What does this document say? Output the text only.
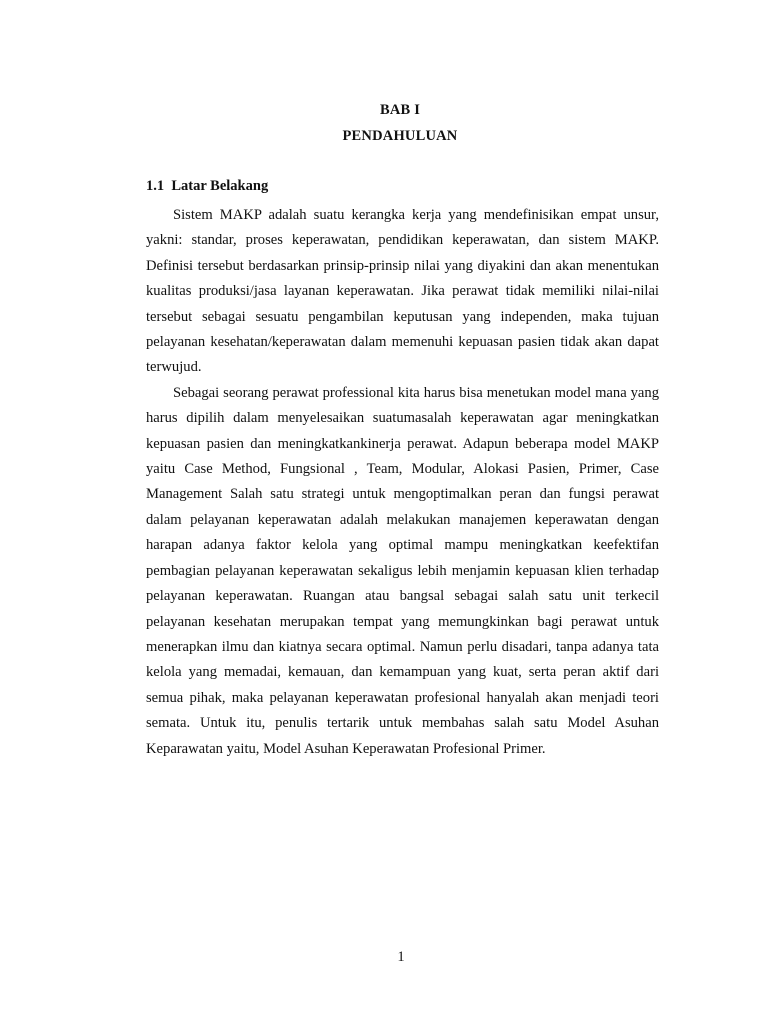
BAB I
PENDAHULUAN
1.1  Latar Belakang

Sistem MAKP adalah suatu kerangka kerja yang mendefinisikan empat unsur, yakni: standar, proses keperawatan, pendidikan keperawatan, dan sistem MAKP. Definisi tersebut berdasarkan prinsip-prinsip nilai yang diyakini dan akan menentukan kualitas produksi/jasa layanan keperawatan. Jika perawat tidak memiliki nilai-nilai tersebut sebagai sesuatu pengambilan keputusan yang independen, maka tujuan pelayanan kesehatan/keperawatan dalam memenuhi kepuasan pasien tidak akan dapat terwujud.

Sebagai seorang perawat professional kita harus bisa menetukan model mana yang harus dipilih dalam menyelesaikan suatumasalah keperawatan agar meningkatkan kepuasan pasien dan meningkatkankinerja perawat. Adapun beberapa model MAKP yaitu Case Method, Fungsional , Team, Modular, Alokasi Pasien, Primer, Case Management Salah satu strategi untuk mengoptimalkan peran dan fungsi perawat dalam pelayanan keperawatan adalah melakukan manajemen keperawatan dengan harapan adanya faktor kelola yang optimal mampu meningkatkan keefektifan pembagian pelayanan keperawatan sekaligus lebih menjamin kepuasan klien terhadap pelayanan keperawatan. Ruangan atau bangsal sebagai salah satu unit terkecil pelayanan kesehatan merupakan tempat yang memungkinkan bagi perawat untuk menerapkan ilmu dan kiatnya secara optimal. Namun perlu disadari, tanpa adanya tata kelola yang memadai, kemauan, dan kemampuan yang kuat, serta peran aktif dari semua pihak, maka pelayanan keperawatan profesional hanyalah akan menjadi teori semata. Untuk itu, penulis tertarik untuk membahas salah satu Model Asuhan Keparawatan yaitu, Model Asuhan Keperawatan Profesional Primer.

1
